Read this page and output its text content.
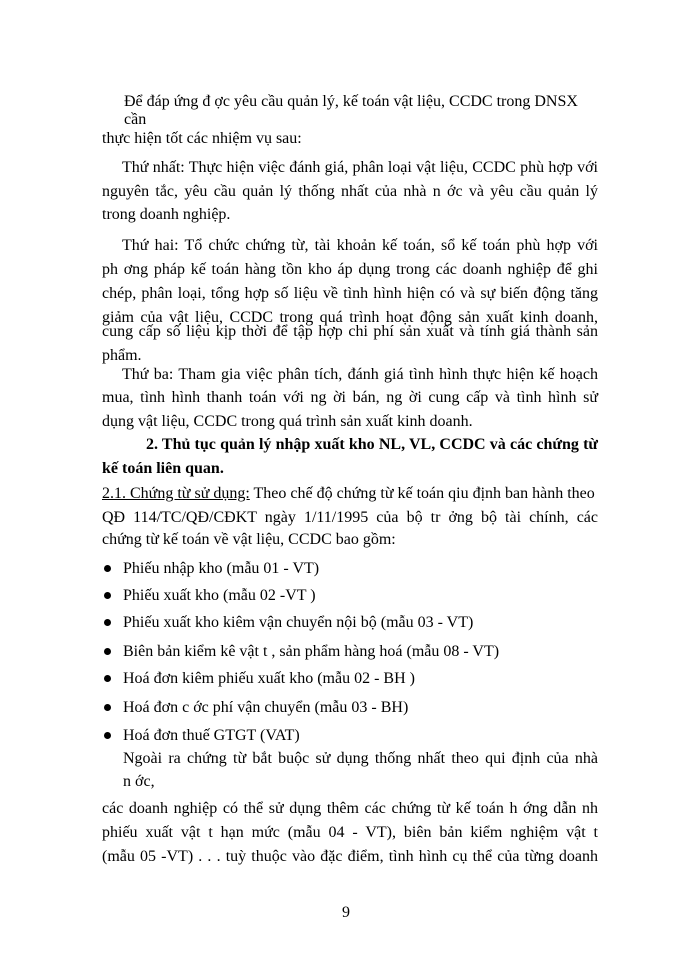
Để đáp ứng đ ợc yêu cầu quản lý, kế toán vật liệu, CCDC trong DNSX
cần
thực hiện tốt các nhiệm vụ sau:
Thứ nhất: Thực hiện việc đánh giá, phân loại vật liệu, CCDC phù hợp với
nguyên tắc, yêu cầu quản lý thống nhất của nhà n ớc và yêu cầu quản lý
trong doanh nghiệp.
Thứ hai: Tổ chức chứng từ, tài khoản kế toán, sổ kế toán phù hợp với
ph ơng pháp kế toán hàng tồn kho áp dụng trong các doanh nghiệp để ghi
chép, phân loại, tổng hợp số liệu về tình hình hiện có và sự biến động tăng
giảm của vật liệu, CCDC trong quá trình hoạt động sản xuất kinh doanh,
cung cấp số liệu kịp thời để tập hợp chi phí sản xuất và tính giá thành sản
phẩm.
Thứ ba: Tham gia việc phân tích, đánh giá tình hình thực hiện kế hoạch
mua, tình hình thanh toán với ng ời bán, ng ời cung cấp và tình hình sử
dụng vật liệu, CCDC trong quá trình sản xuất kinh doanh.
2. Thủ tục quản lý nhập xuất kho NL, VL, CCDC và các chứng từ
kế toán liên quan.
2.1. Chứng từ sử dụng: Theo chế độ chứng từ kế toán qiu định ban hành theo
QĐ 114/TC/QĐ/CĐKT ngày 1/11/1995 của bộ tr ởng bộ tài chính, các
chứng từ kế toán về vật liệu, CCDC bao gồm:
Phiếu nhập kho (mẫu 01 - VT)
Phiếu xuất kho (mẫu 02 -VT )
Phiếu xuất kho kiêm vận chuyển nội bộ (mẫu 03 - VT)
Biên bản kiểm kê vật t , sản phẩm hàng hoá (mẫu 08 - VT)
Hoá đơn kiêm phiếu xuất kho (mẫu 02 - BH )
Hoá đơn c ớc phí vận chuyển (mẫu 03 - BH)
Hoá đơn thuế GTGT (VAT)
Ngoài ra chứng từ bắt buộc sử dụng thống nhất theo qui định của nhà
n ớc,
các doanh nghiệp có thể sử dụng thêm các chứng từ kế toán h ớng dẫn nh
phiếu xuất vật t hạn mức (mẫu 04 - VT), biên bản kiểm nghiệm vật t
(mẫu 05 -VT) . . . tuỳ thuộc vào đặc điểm, tình hình cụ thể của từng doanh
9
